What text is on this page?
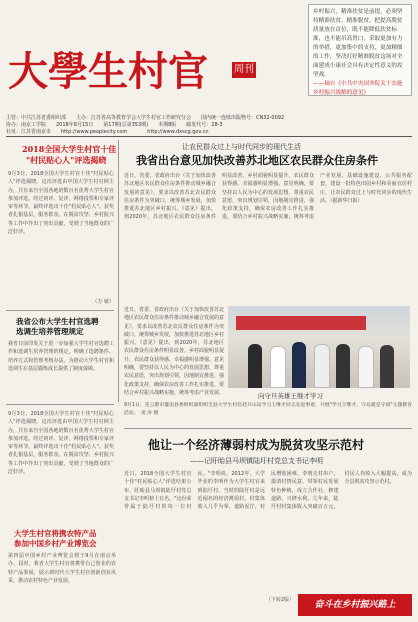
大學生村官	周刊
乡村振兴，精准扶贫是前提，必须坚持精准扶贫、精准脱贫，把提高脱贫质量放在首位，既不能降低扶贫标准，也不能吊高胃口，采取更加有力的举措，更加集中的支持，更加精细的工作，坚决打好精准脱贫这场对全面建成小康社会具有决定性意义的攻坚战。
——摘自《中共中央国务院关于实施乡村振兴战略的意见》
主管：中共江苏省委组织部　　主办：江苏省高等教育学会大学生村官工作研究分会　　国内统一连续出版物号：CN32-0092
协办：南京工学院　　2018年8月15日　　第17期(总第353期)　　本期8版　　邮发代号：28-3
社址：江苏省南京市　　http://www.peoplecity.com　　　　http://www.dxscg.gov.cn
2018全国大学生村官十佳
"村民贴心人"评选揭晓
9月3日，2018全国大学生村官十佳"村民贴心人"评选揭晓。这次评选由中国大学生村官网主办，共有来自全国各地的数百名优秀大学生村官参加评选。经过初评、复评、网络投票和专家评审等环节，最终评选出十佳"村民贴心人"。获奖者扎根基层，服务群众，在脱贫攻坚、乡村振兴等工作中作出了突出贡献，受到了当地群众的广泛好评。
（方 敏）
我省公布大学生村官选聘
选调生培养管理规定
我省日前印发关于进一步加强大学生村官选聘工作和选调生培养管理的规定，明确了选聘条件、培养方式和管理考核办法，为推动大学生村官和选调生在基层锻炼成长提供了制度保障。
让农民群众过上与时代同步的现代生活
我省出台意见加快改善苏北地区农民群众住房条件
近日，省委、省政府出台《关于加快改善苏北地区农民群众住房条件推动城乡融合发展的意见》，要求以改善苏北农民群众住房条件为突破口，统筹城乡发展，加快推进苏北地区乡村振兴。《意见》提出，到2020年，苏北地区农民群众住房条件明显改善，乡村面貌明显提升，农民群众获得感、幸福感明显增强。意见明确，要坚持以人民为中心的发展思想，尊重农民意愿，突出规划引领，因地制宜推进，强化政策支持，确保农房改善工作扎实推进。要结合乡村振兴战略实施，统筹考虑产业发展、基础设施建设、公共服务配套，建设一批特色田园乡村和美丽宜居村庄，让农民群众过上与时代同步的现代生活。（据新华日报）
向守旦英雄王继才学习
近日，省委、省政府出台《关于加快改善苏北地区农民群众住房条件推动城乡融合发展的意见》，要求以改善苏北农民群众住房条件为突破口，统筹城乡发展，加快推进苏北地区乡村振兴。《意见》提出，到2020年，苏北地区农民群众住房条件明显改善，乡村面貌明显提升，农民群众获得感、幸福感明显增强。意见明确，要坚持以人民为中心的发展思想，尊重农民意愿，突出规划引领，因地制宜推进，强化政策支持，确保农房改善工作扎实推进。要结合乡村振兴战略实施，统筹考虑产业发展、
9月1日，连云港市灌南县委组织部组织全县大学生村官赴开山岛学习王继才同志先进事迹，开展"学习王继才，守岛就是守国"主题教育活动。　 窦 涛 摄
大学生村官将携农特产品
参加中国乡村产业博览会
第四届中国乡村产业博览会将于9月在南京举办。届时，我省大学生村官将携带自己创业的农特产品参展，展示新时代大学生村官创新创业风采，推动农村特色产业发展。
9月3日，2018全国大学生村官十佳"村民贴心人"评选揭晓。这次评选由中国大学生村官网主办，共有来自全国各地的数百名优秀大学生村官参加评选。经过初评、复评、网络投票和专家评审等环节，最终评选出十佳"村民贴心人"。获奖者扎根基层，服务群众，在脱贫攻坚、乡村振兴等工作中作出了突出贡献，受到了当地群众的广泛好评。
他让一个经济薄弱村成为脱贫攻坚示范村
——记盱眙县马坝镇陆圩村党总支书记李明
近日，2018全国大学生村官十佳"村民贴心人"评选结果公布，盱眙县马坝镇陆圩村党总支书记李明榜上有名。"这份荣誉属于陆圩村的每一位村民。"李明说。2012年，大学毕业的李明作为大学生村官来到陆圩村。当时的陆圩村是远近闻名的经济薄弱村，村集体收入几乎为零，道路泥泞，村民增收困难。李明走村串户，摸清村情民意，带领村民发展特色种植，成立合作社，修建道路，兴修水利。几年来，陆圩村村集体收入突破百万元，村民人均收入大幅提高，成为全县脱贫攻坚示范村。
（下转2版）	奋斗在乡村振兴路上
